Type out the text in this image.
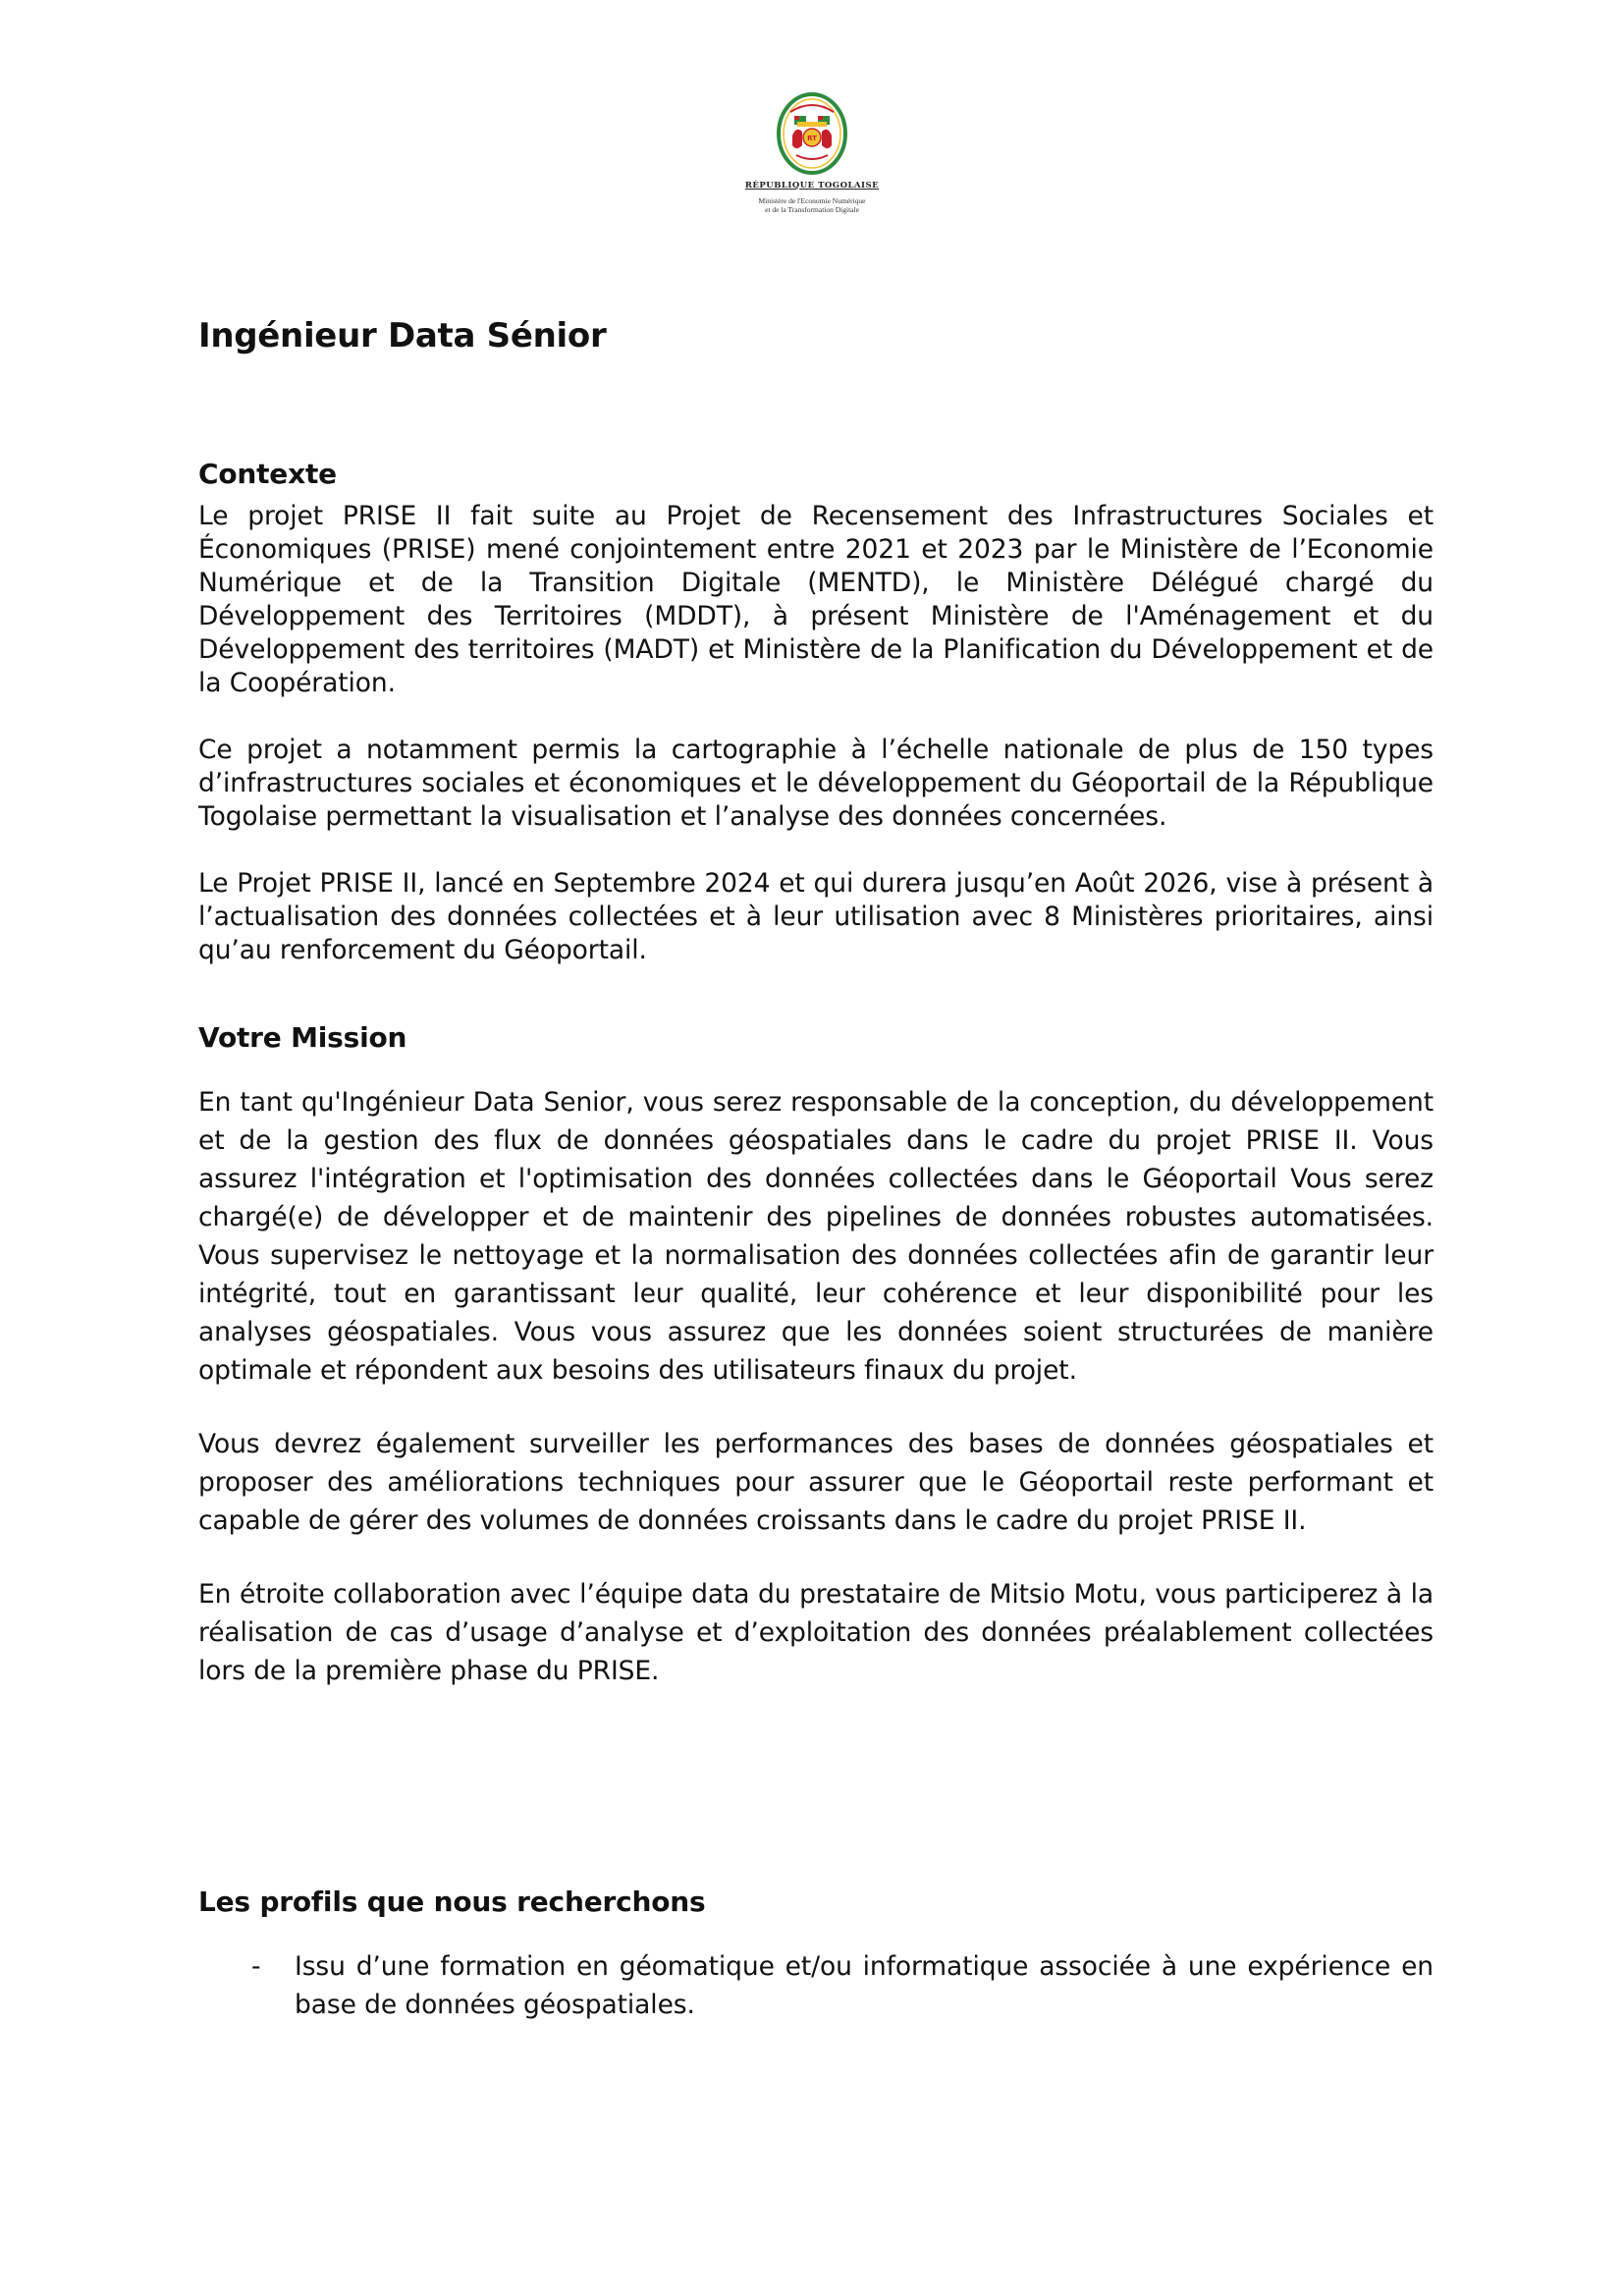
RT
RÉPUBLIQUE TOGOLAISE
Ministère de l'Economie Numérique
et de la Transformation Digitale
Ingénieur Data Sénior
Contexte

Le projet PRISE II fait suite au Projet de Recensement des Infrastructures Sociales et Économiques (PRISE) mené conjointement entre 2021 et 2023 par le Ministère de l’Economie Numérique et de la Transition Digitale (MENTD), le Ministère Délégué chargé du Développement des Territoires (MDDT), à présent Ministère de l'Aménagement et du Développement des territoires (MADT) et Ministère de la Planification du Développement et de la Coopération.

Ce projet a notamment permis la cartographie à l’échelle nationale de plus de 150 types d’infrastructures sociales et économiques et le développement du Géoportail de la République Togolaise permettant la visualisation et l’analyse des données concernées.

Le Projet PRISE II, lancé en Septembre 2024 et qui durera jusqu’en Août 2026, vise à présent à l’actualisation des données collectées et à leur utilisation avec 8 Ministères prioritaires, ainsi qu’au renforcement du Géoportail.

Votre Mission

En tant qu'Ingénieur Data Senior, vous serez responsable de la conception, du développement et de la gestion des flux de données géospatiales dans le cadre du projet PRISE II. Vous assurez l'intégration et l'optimisation des données collectées dans le Géoportail Vous serez chargé(e) de développer et de maintenir des pipelines de données robustes automatisées. Vous supervisez le nettoyage et la normalisation des données collectées afin de garantir leur intégrité, tout en garantissant leur qualité, leur cohérence et leur disponibilité pour les analyses géospatiales. Vous vous assurez que les données soient structurées de manière optimale et répondent aux besoins des utilisateurs finaux du projet.

Vous devrez également surveiller les performances des bases de données géospatiales et proposer des améliorations techniques pour assurer que le Géoportail reste performant et capable de gérer des volumes de données croissants dans le cadre du projet PRISE II.

En étroite collaboration avec l’équipe data du prestataire de Mitsio Motu, vous participerez à la réalisation de cas d’usage d’analyse et d’exploitation des données préalablement collectées lors de la première phase du PRISE.

Les profils que nous recherchons
- Issu d’une formation en géomatique et/ou informatique associée à une expérience en base de données géospatiales.
